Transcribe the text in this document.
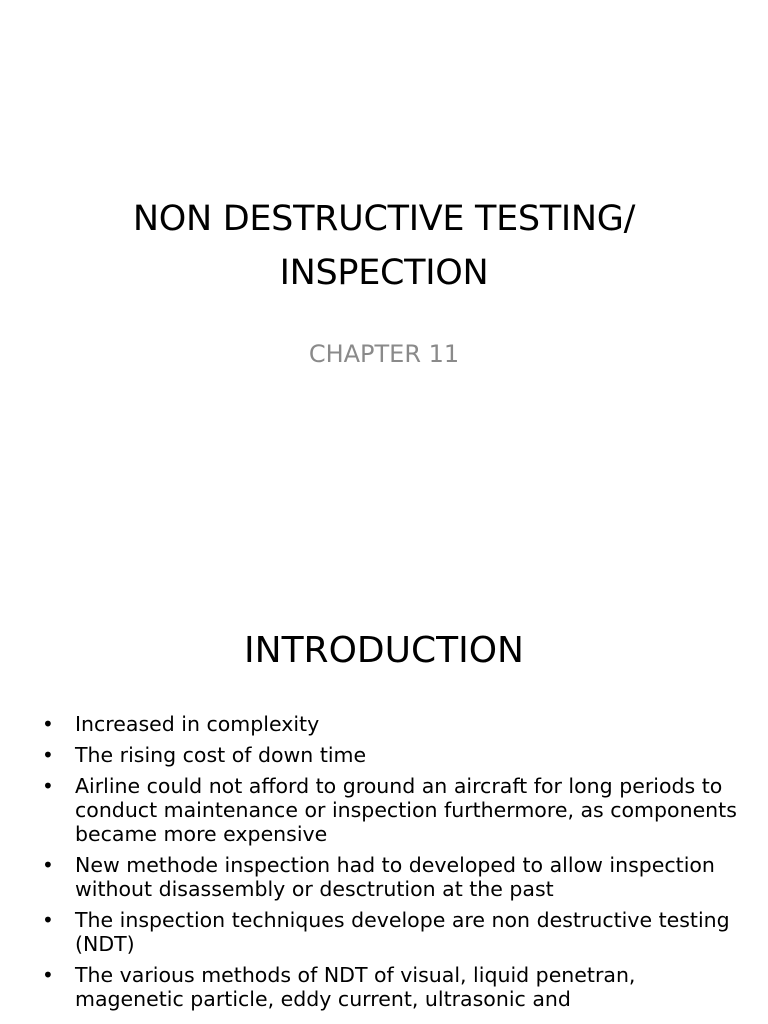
NON DESTRUCTIVE TESTING/
INSPECTION
CHAPTER 11
INTRODUCTION
• Increased in complexity
• The rising cost of down time
• Airline could not afford to ground an aircraft for long periods to conduct maintenance or inspection furthermore, as components became more expensive
• New methode inspection had to developed to allow inspection without disassembly or desctrution at the past
• The inspection techniques develope are non destructive testing (NDT)
• The various methods of NDT of visual, liquid penetran, magenetic particle, eddy current, ultrasonic and
